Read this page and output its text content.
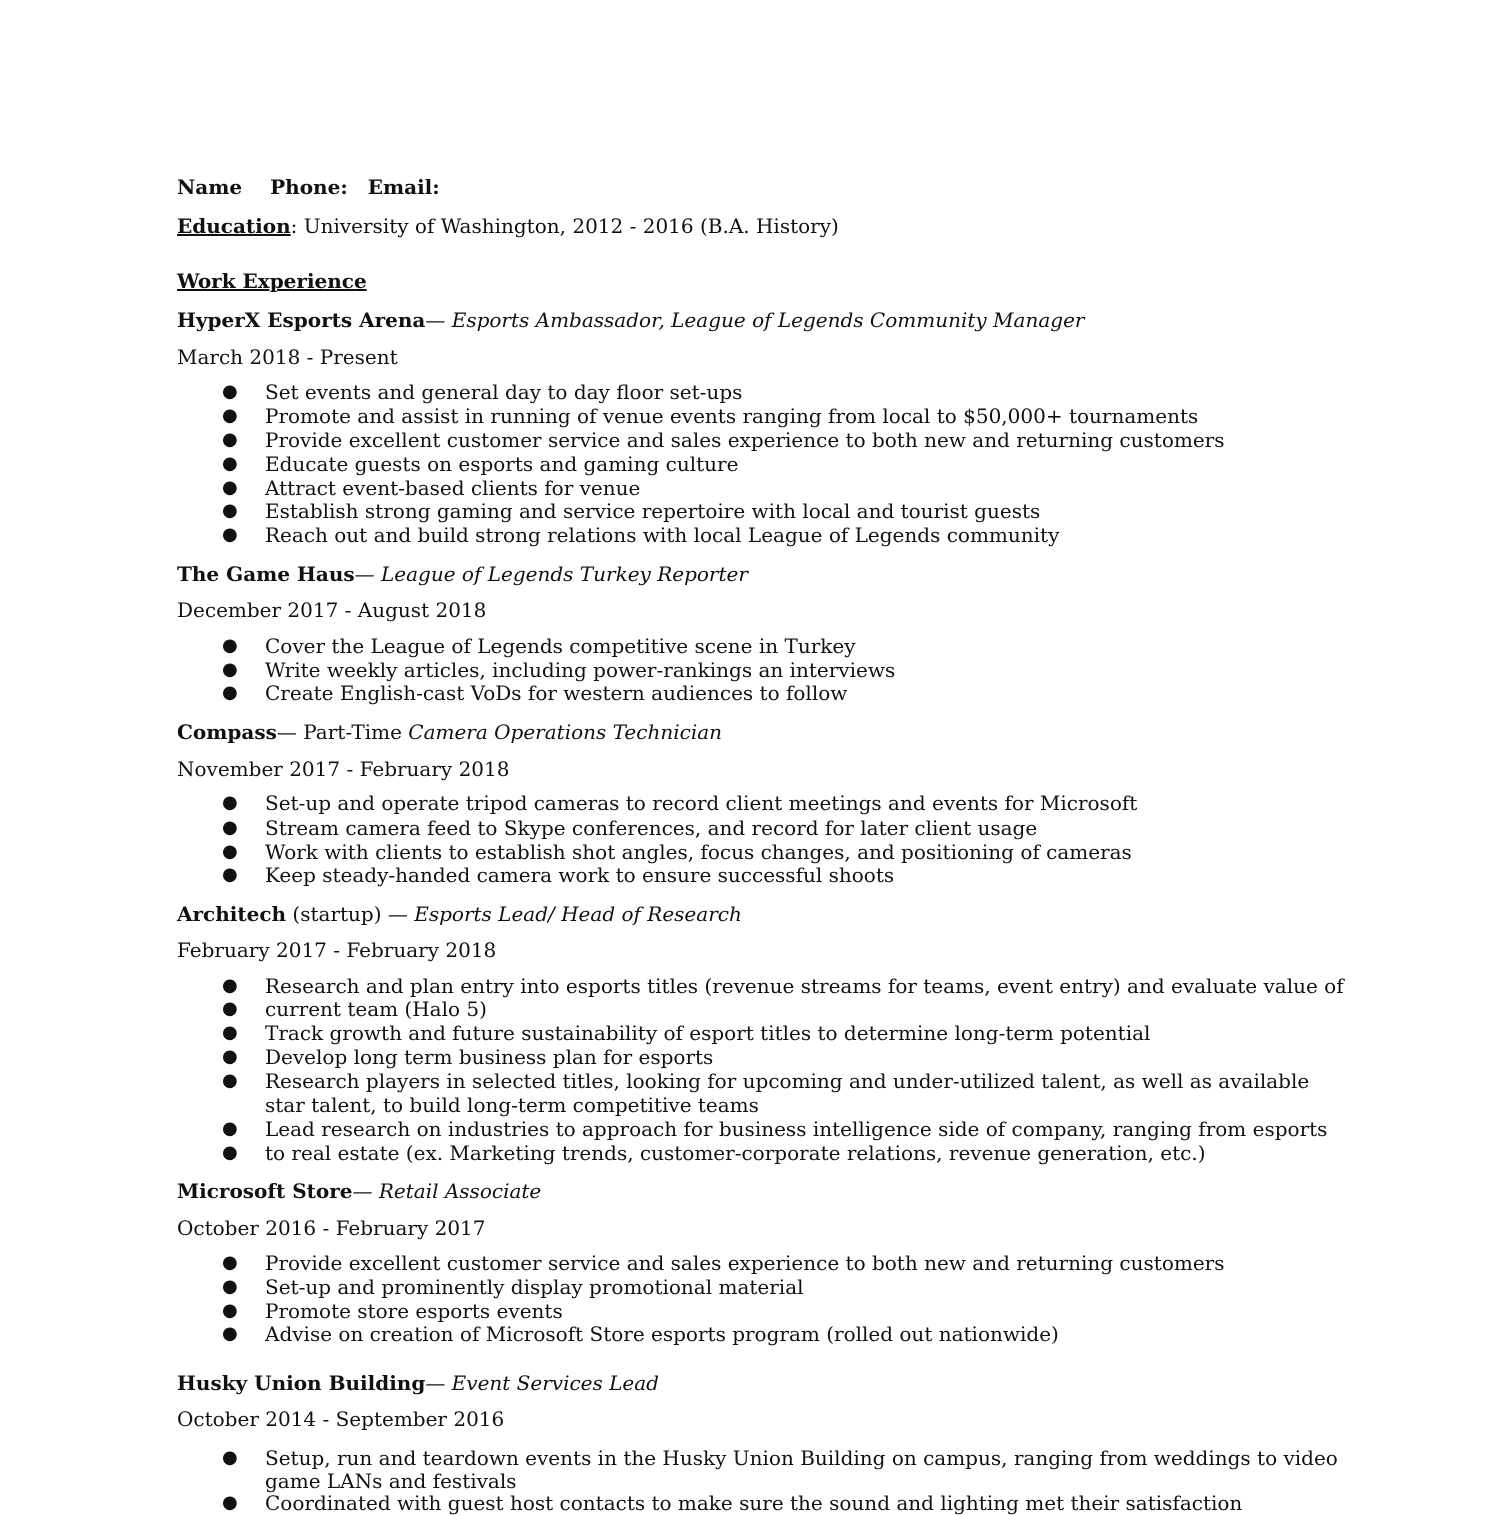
Name Phone: Email:
Education: University of Washington, 2012 - 2016 (B.A. History)
Work Experience
HyperX Esports Arena— Esports Ambassador, League of Legends Community Manager
March 2018 - Present
● Set events and general day to day floor set-ups
● Promote and assist in running of venue events ranging from local to $50,000+ tournaments
● Provide excellent customer service and sales experience to both new and returning customers
● Educate guests on esports and gaming culture
● Attract event-based clients for venue
● Establish strong gaming and service repertoire with local and tourist guests
● Reach out and build strong relations with local League of Legends community
The Game Haus— League of Legends Turkey Reporter
December 2017 - August 2018
● Cover the League of Legends competitive scene in Turkey
● Write weekly articles, including power-rankings an interviews
● Create English-cast VoDs for western audiences to follow
Compass— Part-Time Camera Operations Technician
November 2017 - February 2018
● Set-up and operate tripod cameras to record client meetings and events for Microsoft
● Stream camera feed to Skype conferences, and record for later client usage
● Work with clients to establish shot angles, focus changes, and positioning of cameras
● Keep steady-handed camera work to ensure successful shoots
Architech (startup) — Esports Lead/ Head of Research
February 2017 - February 2018
● Research and plan entry into esports titles (revenue streams for teams, event entry) and evaluate value of
● current team (Halo 5)
● Track growth and future sustainability of esport titles to determine long-term potential
● Develop long term business plan for esports
● Research players in selected titles, looking for upcoming and under-utilized talent, as well as available
star talent, to build long-term competitive teams
● Lead research on industries to approach for business intelligence side of company, ranging from esports
● to real estate (ex. Marketing trends, customer-corporate relations, revenue generation, etc.)
Microsoft Store— Retail Associate
October 2016 - February 2017
● Provide excellent customer service and sales experience to both new and returning customers
● Set-up and prominently display promotional material
● Promote store esports events
● Advise on creation of Microsoft Store esports program (rolled out nationwide)
Husky Union Building— Event Services Lead
October 2014 - September 2016
● Setup, run and teardown events in the Husky Union Building on campus, ranging from weddings to video
game LANs and festivals
● Coordinated with guest host contacts to make sure the sound and lighting met their satisfaction
